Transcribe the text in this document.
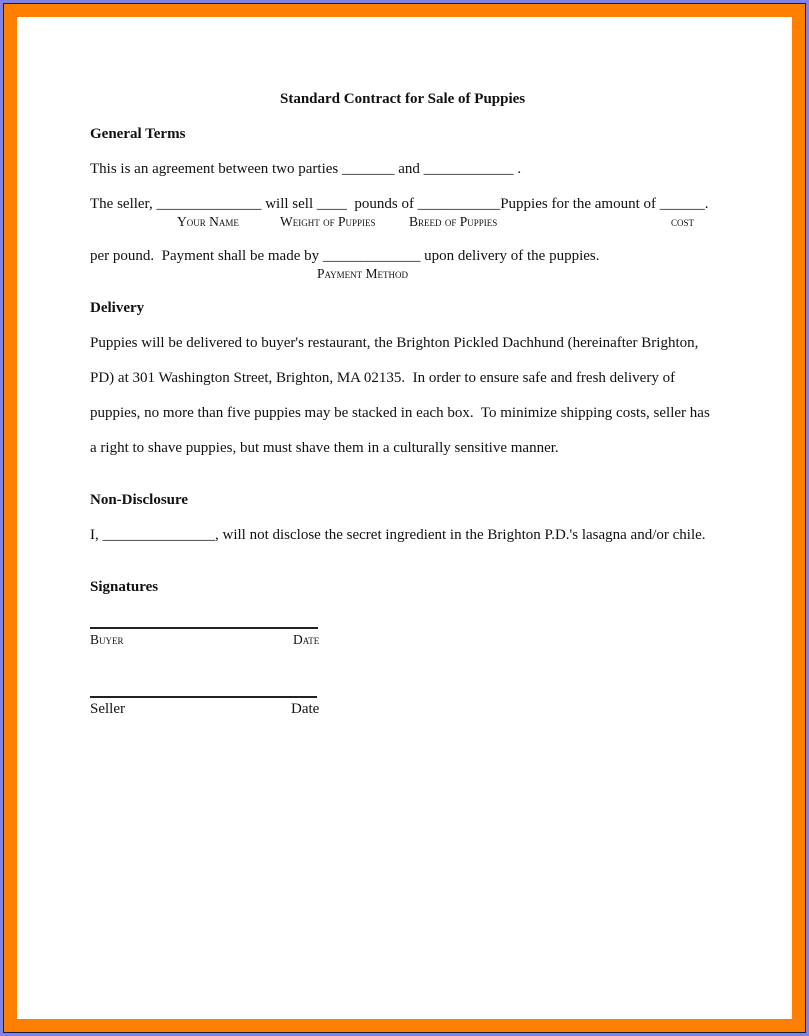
Standard Contract for Sale of Puppies
General Terms
This is an agreement between two parties _______ and ____________ .
The seller, ______________ will sell ____  pounds of ___________Puppies for the amount of ______.
Your Name	Weight of Puppies Breed of Puppies	cost
per pound.  Payment shall be made by _____________ upon delivery of the puppies.
Payment Method
Delivery
Puppies will be delivered to buyer's restaurant, the Brighton Pickled Dachhund (hereinafter Brighton,
PD) at 301 Washington Street, Brighton, MA 02135.  In order to ensure safe and fresh delivery of
puppies, no more than five puppies may be stacked in each box.  To minimize shipping costs, seller has
a right to shave puppies, but must shave them in a culturally sensitive manner.
Non-Disclosure
I, _______________, will not disclose the secret ingredient in the Brighton P.D.'s lasagna and/or chile.
Signatures
Buyer	Date
Seller	Date
